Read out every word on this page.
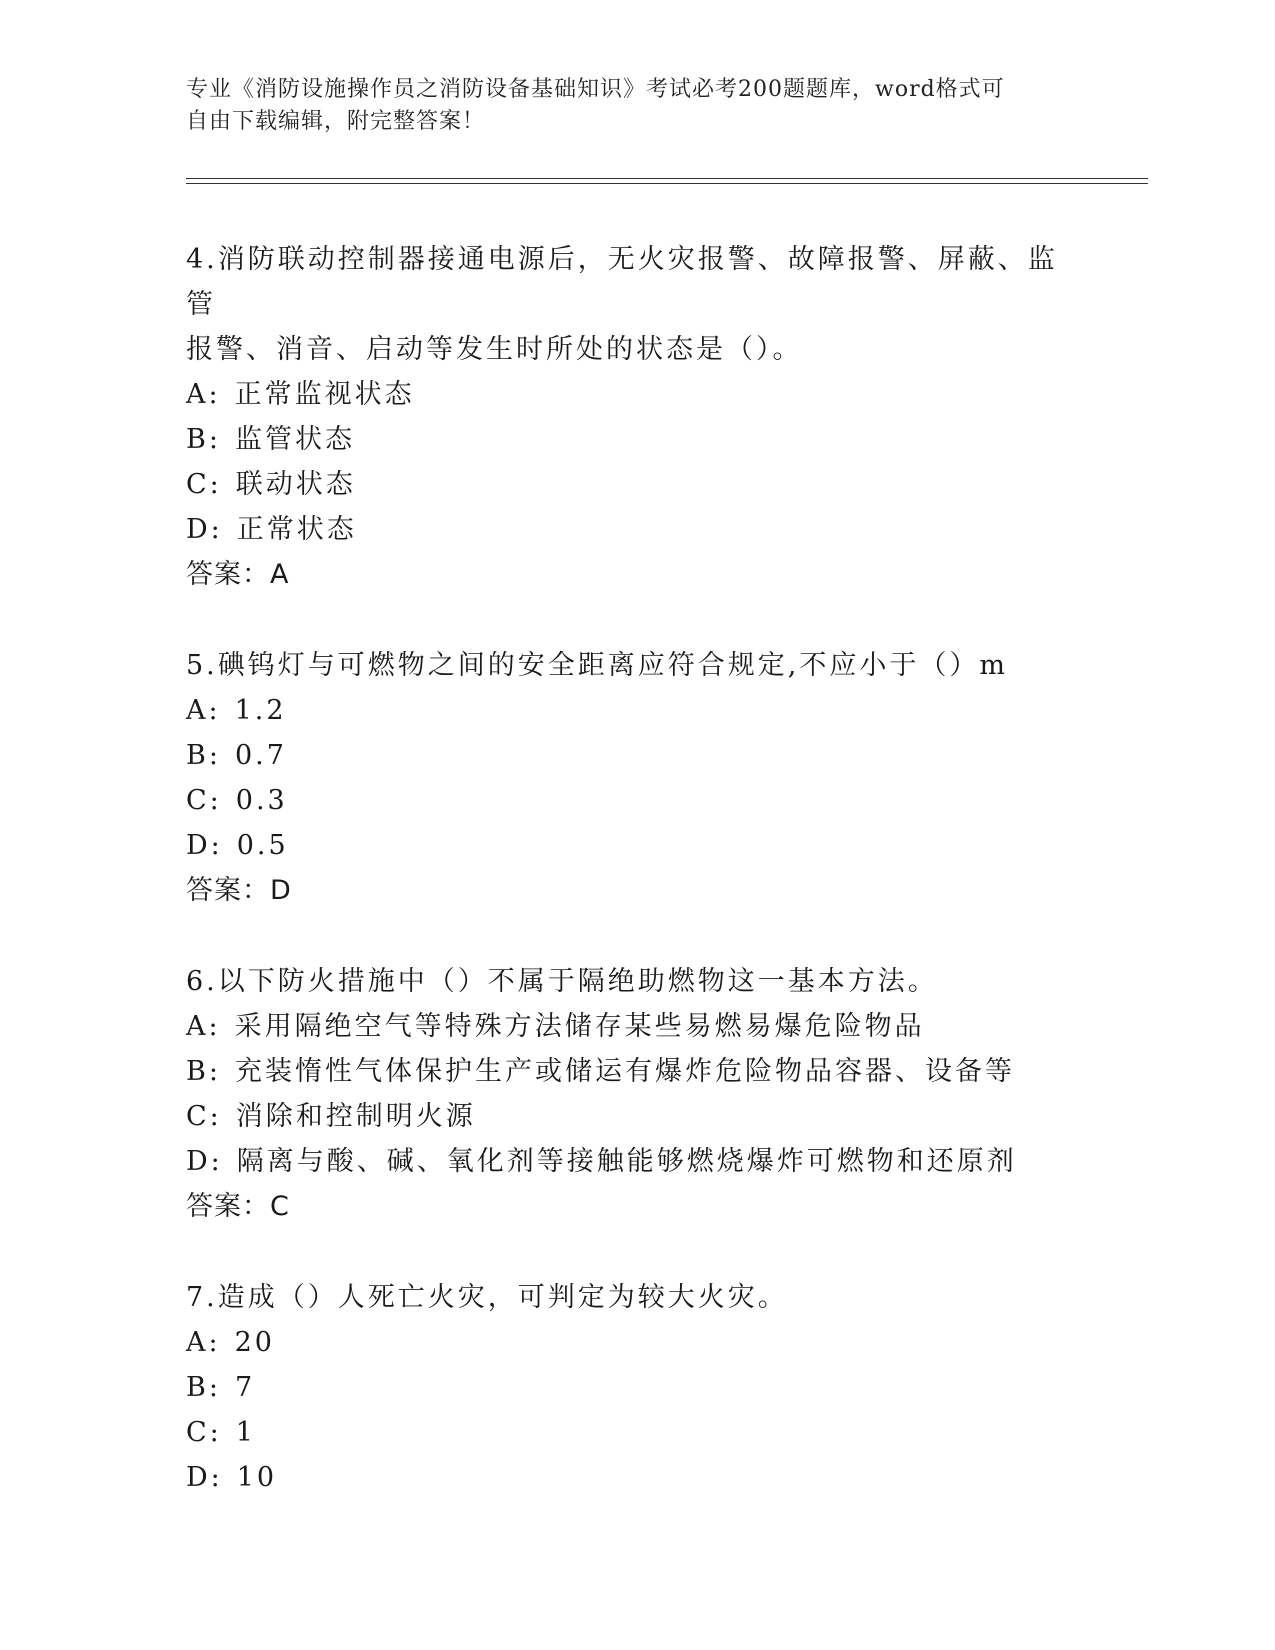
专业《消防设施操作员之消防设备基础知识》考试必考200题题库，word格式可
自由下载编辑，附完整答案！

4.消防联动控制器接通电源后，无火灾报警、故障报警、屏蔽、监管

报警、消音、启动等发生时所处的状态是（）。

A: 正常监视状态

B: 监管状态

C: 联动状态

D: 正常状态

答案：A

5.碘钨灯与可燃物之间的安全距离应符合规定,不应小于（）m

A: 1.2

B: 0.7

C: 0.3

D: 0.5

答案：D

6.以下防火措施中（）不属于隔绝助燃物这一基本方法。

A: 采用隔绝空气等特殊方法储存某些易燃易爆危险物品

B: 充装惰性气体保护生产或储运有爆炸危险物品容器、设备等

C: 消除和控制明火源

D: 隔离与酸、碱、氧化剂等接触能够燃烧爆炸可燃物和还原剂

答案：C

7.造成（）人死亡火灾，可判定为较大火灾。

A: 20

B: 7

C: 1

D: 10
